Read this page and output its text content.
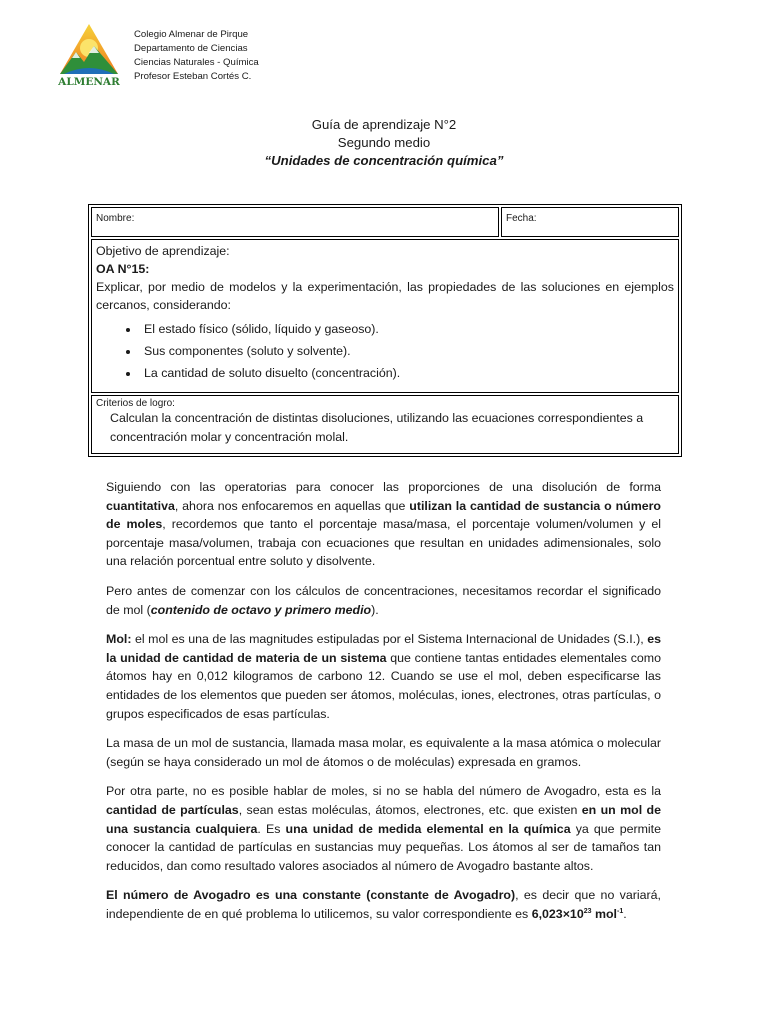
ALMENAR
Colegio Almenar de Pirque
Departamento de Ciencias
Ciencias Naturales - Química
Profesor Esteban Cortés C.
Guía de aprendizaje N°2
Segundo medio
“Unidades de concentración química”
Nombre:	Fecha:

Objetivo de aprendizaje:
OA N°15:
Explicar, por medio de modelos y la experimentación, las propiedades de las soluciones en ejemplos cercanos, considerando:
• El estado físico (sólido, líquido y gaseoso).
• Sus componentes (soluto y solvente).
• La cantidad de soluto disuelto (concentración).

Criterios de logro:
Calculan la concentración de distintas disoluciones, utilizando las ecuaciones correspondientes a concentración molar y concentración molal.

Siguiendo con las operatorias para conocer las proporciones de una disolución de forma cuantitativa, ahora nos enfocaremos en aquellas que utilizan la cantidad de sustancia o número de moles, recordemos que tanto el porcentaje masa/masa, el porcentaje volumen/volumen y el porcentaje masa/volumen, trabaja con ecuaciones que resultan en unidades adimensionales, solo una relación porcentual entre soluto y disolvente.

Pero antes de comenzar con los cálculos de concentraciones, necesitamos recordar el significado de mol (contenido de octavo y primero medio).

Mol: el mol es una de las magnitudes estipuladas por el Sistema Internacional de Unidades (S.I.), es la unidad de cantidad de materia de un sistema que contiene tantas entidades elementales como átomos hay en 0,012 kilogramos de carbono 12. Cuando se use el mol, deben especificarse las entidades de los elementos que pueden ser átomos, moléculas, iones, electrones, otras partículas, o grupos especificados de esas partículas.

La masa de un mol de sustancia, llamada masa molar, es equivalente a la masa atómica o molecular (según se haya considerado un mol de átomos o de moléculas) expresada en gramos.

Por otra parte, no es posible hablar de moles, si no se habla del número de Avogadro, esta es la cantidad de partículas, sean estas moléculas, átomos, electrones, etc. que existen en un mol de una sustancia cualquiera. Es una unidad de medida elemental en la química ya que permite conocer la cantidad de partículas en sustancias muy pequeñas. Los átomos al ser de tamaños tan reducidos, dan como resultado valores asociados al número de Avogadro bastante altos.

El número de Avogadro es una constante (constante de Avogadro), es decir que no variará, independiente de en qué problema lo utilicemos, su valor correspondiente es $6,023\times 10^{23}$ mol$^{-1}$.
